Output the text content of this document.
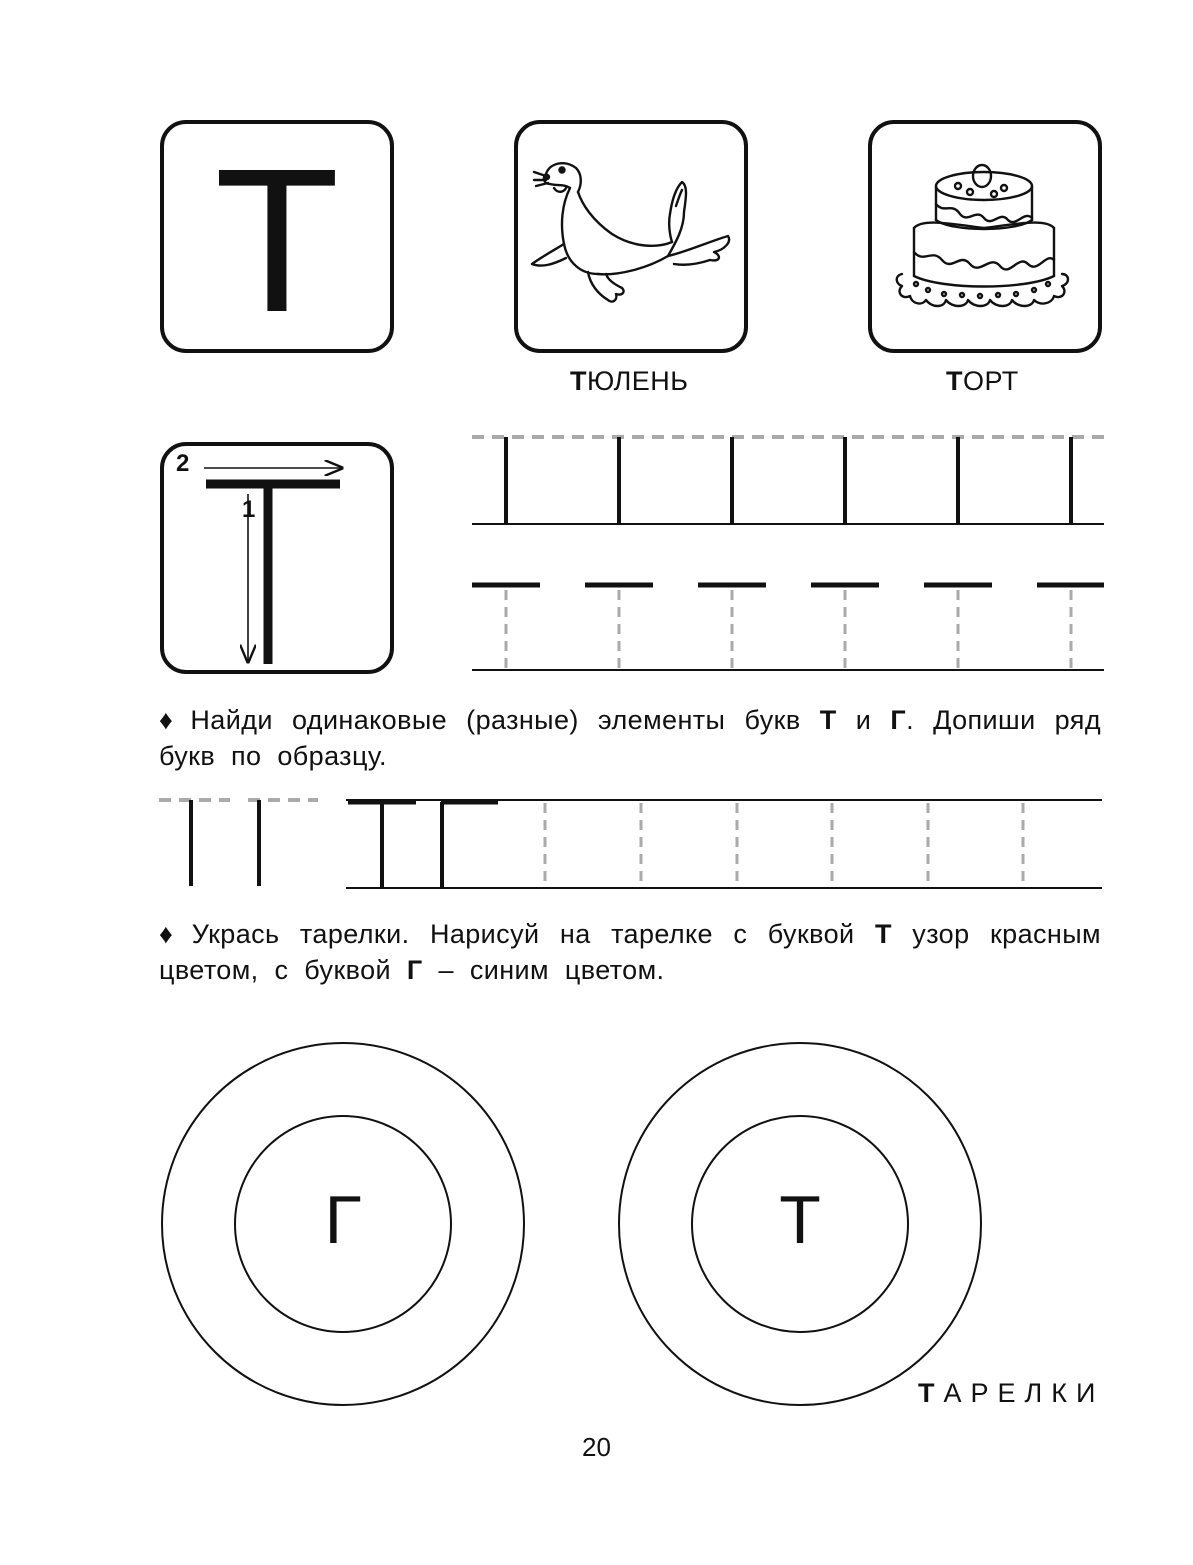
Т
ТЮЛЕНЬ	ТОРТ
2
1
♦ Найди одинаковые (разные) элементы букв Т и Г. Допиши ряд букв по образцу.
♦ Укрась тарелки. Нарисуй на тарелке с буквой Т узор красным цветом, с буквой Г – синим цветом.
Г	Т
ТАРЕЛКИ
20
